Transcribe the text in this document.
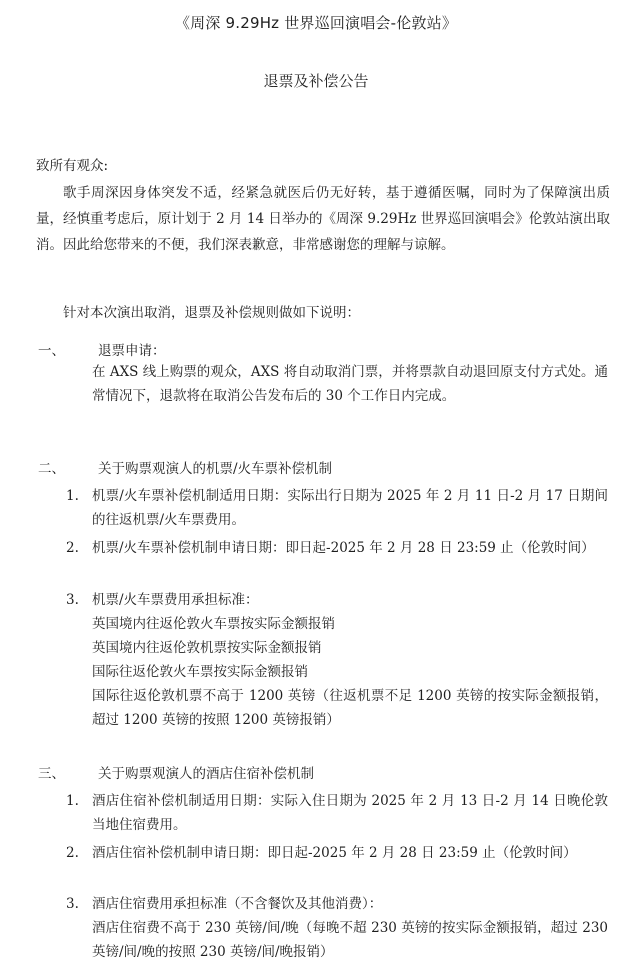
《周深 9.29Hz 世界巡回演唱会-伦敦站》
退票及补偿公告
致所有观众:
歌手周深因身体突发不适，经紧急就医后仍无好转，基于遵循医嘱，同时为了保障演出质量，经慎重考虑后，原计划于 2 月 14 日举办的《周深 9.29Hz 世界巡回演唱会》伦敦站演出取消。因此给您带来的不便，我们深表歉意，非常感谢您的理解与谅解。
针对本次演出取消，退票及补偿规则做如下说明：
一、 退票申请：
在 AXS 线上购票的观众，AXS 将自动取消门票，并将票款自动退回原支付方式处。通常情况下，退款将在取消公告发布后的 30 个工作日内完成。
二、 关于购票观演人的机票/火车票补偿机制
1. 机票/火车票补偿机制适用日期：实际出行日期为 2025 年 2 月 11 日-2 月 17 日期间的往返机票/火车票费用。
2. 机票/火车票补偿机制申请日期：即日起-2025 年 2 月 28 日 23:59 止（伦敦时间）
3. 机票/火车票费用承担标准：
英国境内往返伦敦火车票按实际金额报销
英国境内往返伦敦机票按实际金额报销
国际往返伦敦火车票按实际金额报销
国际往返伦敦机票不高于 1200 英镑（往返机票不足 1200 英镑的按实际金额报销，超过 1200 英镑的按照 1200 英镑报销）
三、 关于购票观演人的酒店住宿补偿机制
1. 酒店住宿补偿机制适用日期：实际入住日期为 2025 年 2 月 13 日-2 月 14 日晚伦敦当地住宿费用。
2. 酒店住宿补偿机制申请日期：即日起-2025 年 2 月 28 日 23:59 止（伦敦时间）
3. 酒店住宿费用承担标准（不含餐饮及其他消费）：
酒店住宿费不高于 230 英镑/间/晚（每晚不超 230 英镑的按实际金额报销，超过 230 英镑/间/晚的按照 230 英镑/间/晚报销）
